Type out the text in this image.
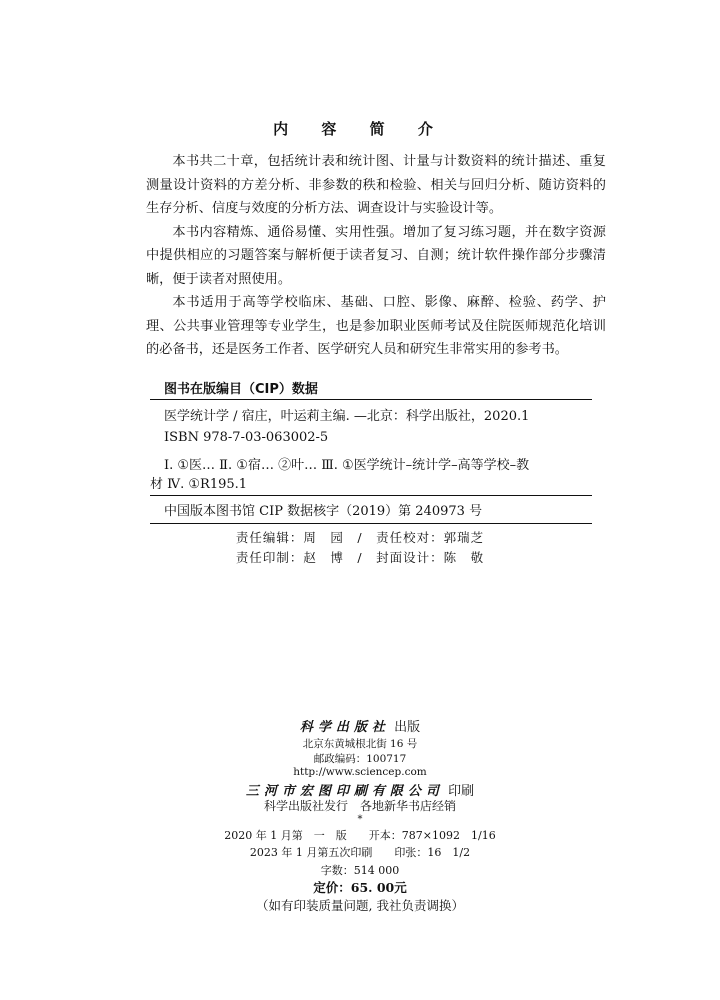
内 容 简 介

本书共二十章，包括统计表和统计图、计量与计数资料的统计描述、重复测量设计资料的方差分析、非参数的秩和检验、相关与回归分析、随访资料的生存分析、信度与效度的分析方法、调查设计与实验设计等。

本书内容精炼、通俗易懂、实用性强。增加了复习练习题，并在数字资源中提供相应的习题答案与解析便于读者复习、自测；统计软件操作部分步骤清晰，便于读者对照使用。

本书适用于高等学校临床、基础、口腔、影像、麻醉、检验、药学、护理、公共事业管理等专业学生，也是参加职业医师考试及住院医师规范化培训的必备书，还是医务工作者、医学研究人员和研究生非常实用的参考书。

图书在版编目（CIP）数据
医学统计学 / 宿庄，叶运莉主编. —北京：科学出版社，2020.1
ISBN 978-7-03-063002-5
Ⅰ. ①医… Ⅱ. ①宿… ②叶… Ⅲ. ①医学统计–统计学–高等学校–教
材 Ⅳ. ①R195.1
中国版本图书馆 CIP 数据核字（2019）第 240973 号
责任编辑：周　园　/　责任校对：郭瑞芝
责任印制：赵　博　/　封面设计：陈　敬
科学出版社 出版
北京东黄城根北街 16 号
邮政编码：100717
http://www.sciencep.com
三河市宏图印刷有限公司 印刷
科学出版社发行　各地新华书店经销
*
2020 年 1 月第　一　版　　开本：787×1092　1/16
2023 年 1 月第五次印刷　　印张：16　1/2
字数：514 000
定价：65. 00元
（如有印装质量问题, 我社负责调换）
